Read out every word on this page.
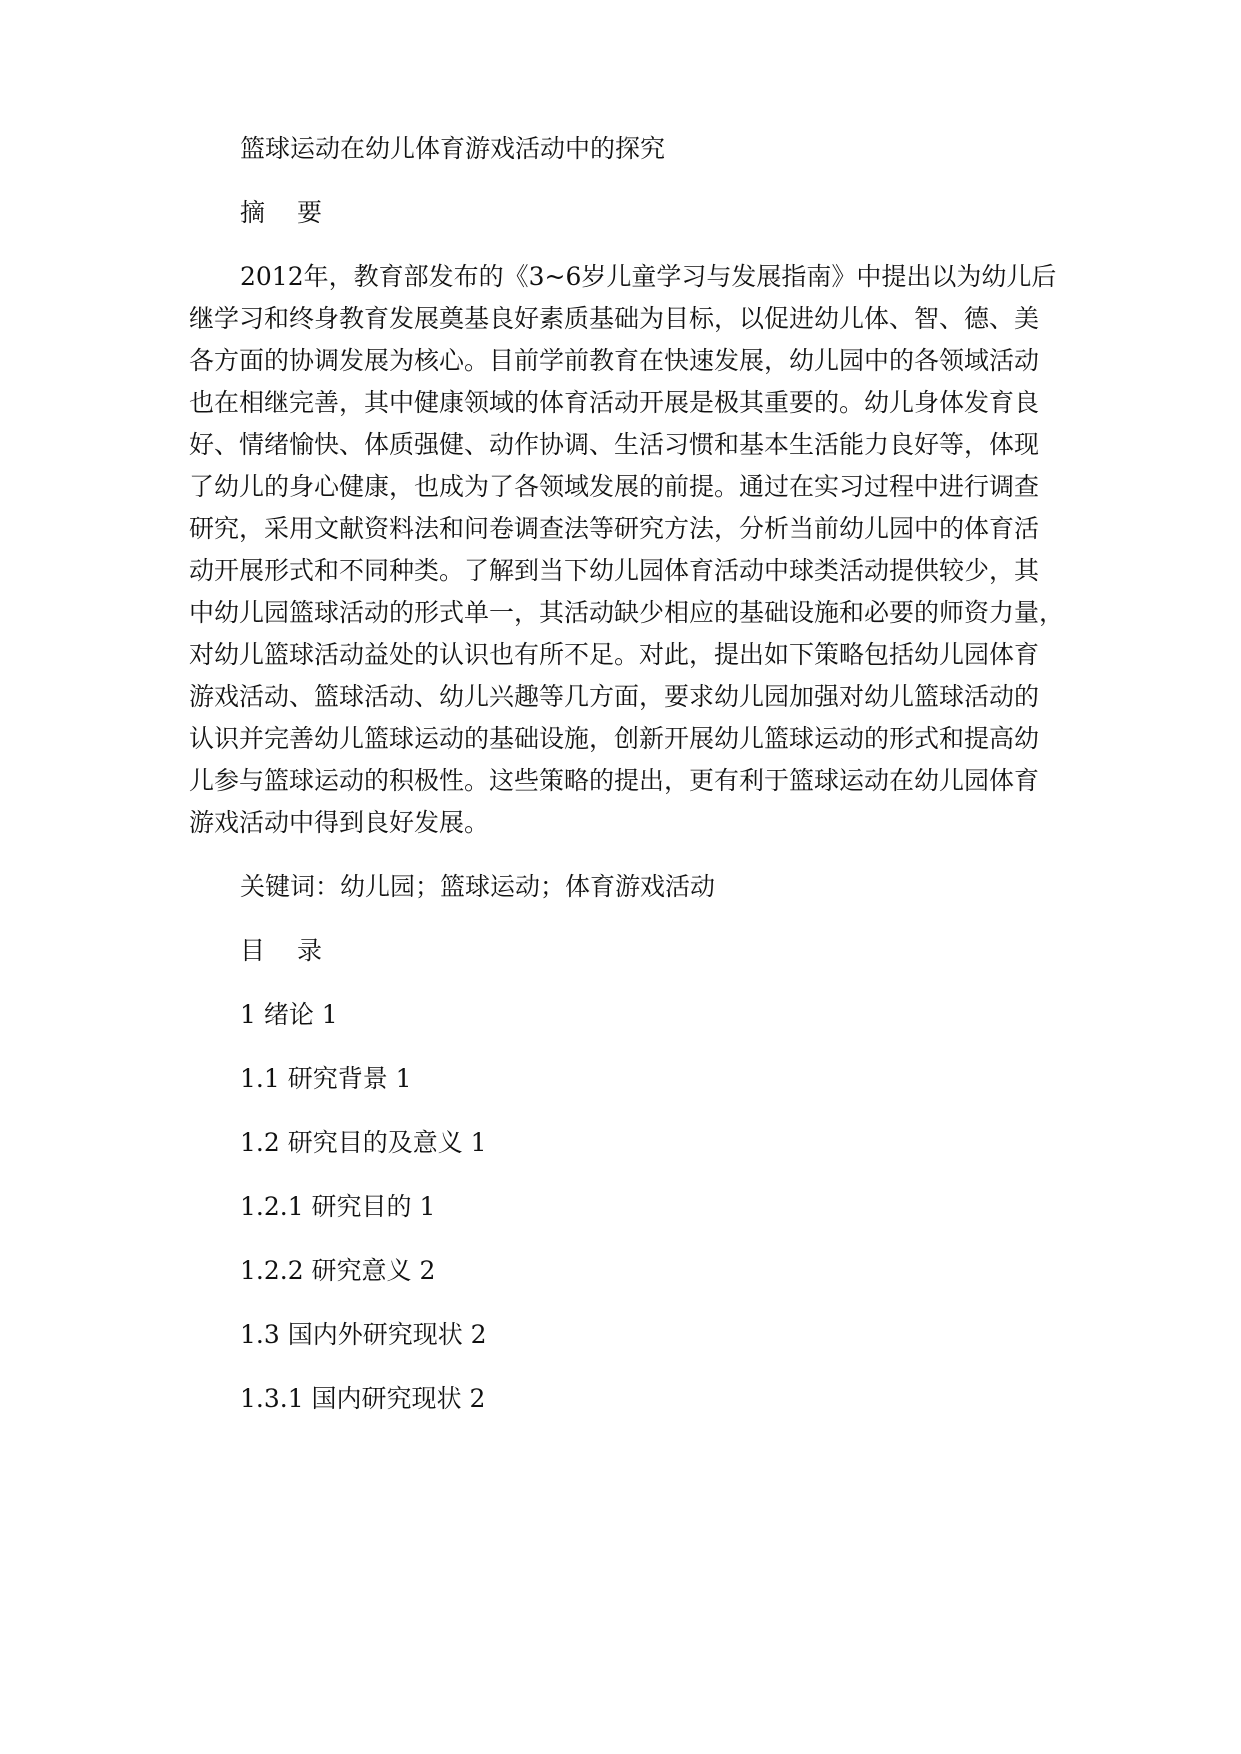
篮球运动在幼儿体育游戏活动中的探究
摘 要
2012年，教育部发布的《3~6岁儿童学习与发展指南》中提出以为幼儿后
继学习和终身教育发展奠基良好素质基础为目标，以促进幼儿体、智、德、美
各方面的协调发展为核心。目前学前教育在快速发展，幼儿园中的各领域活动
也在相继完善，其中健康领域的体育活动开展是极其重要的。幼儿身体发育良
好、情绪愉快、体质强健、动作协调、生活习惯和基本生活能力良好等，体现
了幼儿的身心健康，也成为了各领域发展的前提。通过在实习过程中进行调查
研究，采用文献资料法和问卷调查法等研究方法，分析当前幼儿园中的体育活
动开展形式和不同种类。了解到当下幼儿园体育活动中球类活动提供较少，其
中幼儿园篮球活动的形式单一，其活动缺少相应的基础设施和必要的师资力量，
对幼儿篮球活动益处的认识也有所不足。对此，提出如下策略包括幼儿园体育
游戏活动、篮球活动、幼儿兴趣等几方面，要求幼儿园加强对幼儿篮球活动的
认识并完善幼儿篮球运动的基础设施，创新开展幼儿篮球运动的形式和提高幼
儿参与篮球运动的积极性。这些策略的提出，更有利于篮球运动在幼儿园体育
游戏活动中得到良好发展。
关键词：幼儿园；篮球运动；体育游戏活动
目 录
1 绪论 1
1.1 研究背景 1
1.2 研究目的及意义 1
1.2.1 研究目的 1
1.2.2 研究意义 2
1.3 国内外研究现状 2
1.3.1 国内研究现状 2
